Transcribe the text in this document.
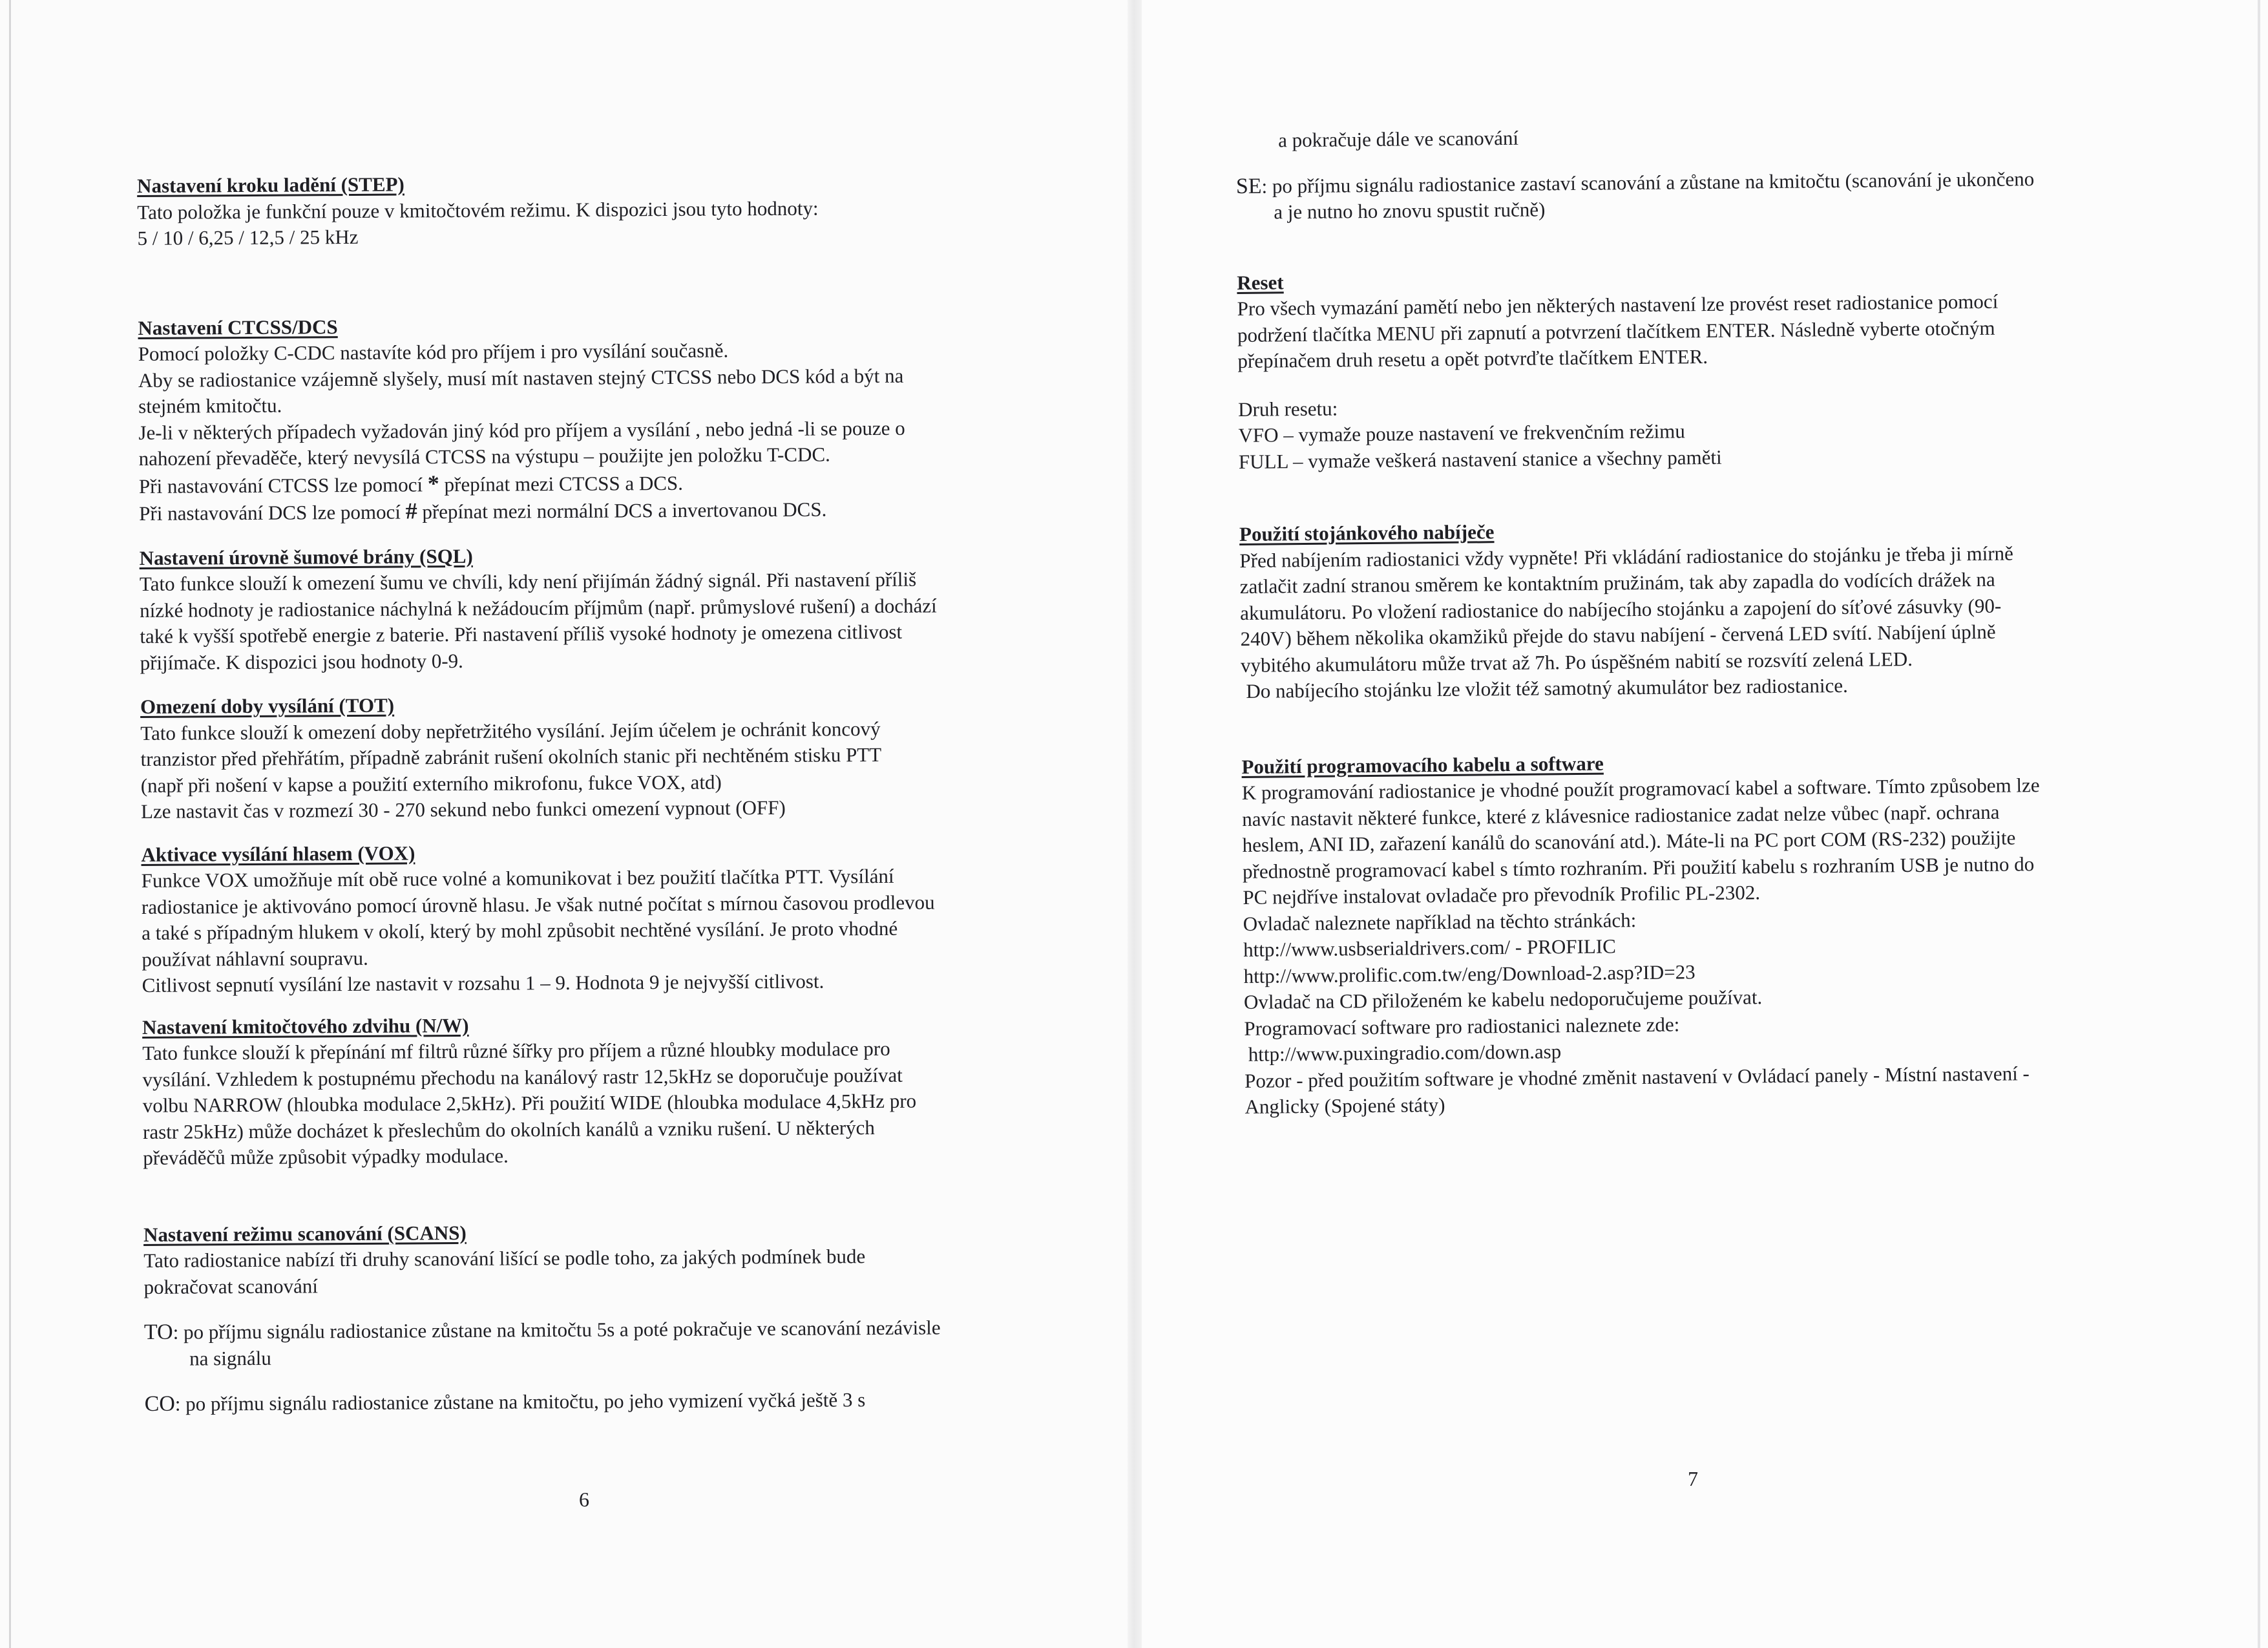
Nastavení kroku ladění (STEP)
Tato položka je funkční pouze v kmitočtovém režimu. K dispozici jsou tyto hodnoty:
5 / 10 / 6,25 / 12,5 / 25 kHz
Nastavení CTCSS/DCS
Pomocí položky C-CDC nastavíte kód pro příjem i pro vysílání současně.
Aby se radiostanice vzájemně slyšely, musí mít nastaven stejný CTCSS nebo DCS kód a být na
stejném kmitočtu.
Je-li v některých případech vyžadován jiný kód pro příjem a vysílání , nebo jedná -li se pouze o
nahození převaděče, který nevysílá CTCSS na výstupu – použijte jen položku T-CDC.
Při nastavování CTCSS lze pomocí * přepínat mezi CTCSS a DCS.
Při nastavování DCS lze pomocí # přepínat mezi normální DCS a invertovanou DCS.
Nastavení úrovně šumové brány (SQL)
Tato funkce slouží k omezení šumu ve chvíli, kdy není přijímán žádný signál. Při nastavení příliš
nízké hodnoty je radiostanice náchylná k nežádoucím příjmům (např. průmyslové rušení) a dochází
také k vyšší spotřebě energie z baterie. Při nastavení příliš vysoké hodnoty je omezena citlivost
přijímače. K dispozici jsou hodnoty 0-9.
Omezení doby vysílání (TOT)
Tato funkce slouží k omezení doby nepřetržitého vysílání. Jejím účelem je ochránit koncový
tranzistor před přehřátím, případně zabránit rušení okolních stanic při nechtěném stisku PTT
(např při nošení v kapse a použití externího mikrofonu, fukce VOX, atd)
Lze nastavit čas v rozmezí 30 - 270 sekund nebo funkci omezení vypnout (OFF)
Aktivace vysílání hlasem (VOX)
Funkce VOX umožňuje mít obě ruce volné a komunikovat i bez použití tlačítka PTT. Vysílání
radiostanice je aktivováno pomocí úrovně hlasu. Je však nutné počítat s mírnou časovou prodlevou
a také s případným hlukem v okolí, který by mohl způsobit nechtěné vysílání. Je proto vhodné
používat náhlavní soupravu.
Citlivost sepnutí vysílání lze nastavit v rozsahu 1 – 9. Hodnota 9 je nejvyšší citlivost.
Nastavení kmitočtového zdvihu (N/W)
Tato funkce slouží k přepínání mf filtrů různé šířky pro příjem a různé hloubky modulace pro
vysílání. Vzhledem k postupnému přechodu na kanálový rastr 12,5kHz se doporučuje používat
volbu NARROW (hloubka modulace 2,5kHz). Při použití WIDE (hloubka modulace 4,5kHz pro
rastr 25kHz) může docházet k přeslechům do okolních kanálů a vzniku rušení. U některých
převáděčů může způsobit výpadky modulace.
Nastavení režimu scanování (SCANS)
Tato radiostanice nabízí tři druhy scanování lišící se podle toho, za jakých podmínek bude
pokračovat scanování
TO: po příjmu signálu radiostanice zůstane na kmitočtu 5s a poté pokračuje ve scanování nezávisle
na signálu
CO: po příjmu signálu radiostanice zůstane na kmitočtu, po jeho vymizení vyčká ještě 3 s
6
a pokračuje dále ve scanování
SE: po příjmu signálu radiostanice zastaví scanování a zůstane na kmitočtu (scanování je ukončeno
a je nutno ho znovu spustit ručně)
Reset
Pro všech vymazání pamětí nebo jen některých nastavení lze provést reset radiostanice pomocí
podržení tlačítka MENU při zapnutí a potvrzení tlačítkem ENTER. Následně vyberte otočným
přepínačem druh resetu a opět potvrďte tlačítkem ENTER.
Druh resetu:
VFO – vymaže pouze nastavení ve frekvenčním režimu
FULL – vymaže veškerá nastavení stanice a všechny paměti
Použití stojánkového nabíječe
Před nabíjením radiostanici vždy vypněte! Při vkládání radiostanice do stojánku je třeba ji mírně
zatlačit zadní stranou směrem ke kontaktním pružinám, tak aby zapadla do vodících drážek na
akumulátoru. Po vložení radiostanice do nabíjecího stojánku a zapojení do síťové zásuvky (90-
240V) během několika okamžiků přejde do stavu nabíjení - červená LED svítí. Nabíjení úplně
vybitého akumulátoru může trvat až 7h. Po úspěšném nabití se rozsvítí zelená LED.
Do nabíjecího stojánku lze vložit též samotný akumulátor bez radiostanice.
Použití programovacího kabelu a software
K programování radiostanice je vhodné použít programovací kabel a software. Tímto způsobem lze
navíc nastavit některé funkce, které z klávesnice radiostanice zadat nelze vůbec (např. ochrana
heslem, ANI ID, zařazení kanálů do scanování atd.). Máte-li na PC port COM (RS-232) použijte
přednostně programovací kabel s tímto rozhraním. Při použití kabelu s rozhraním USB je nutno do
PC nejdříve instalovat ovladače pro převodník Profilic PL-2302.
Ovladač naleznete například na těchto stránkách:
http://www.usbserialdrivers.com/ - PROFILIC
http://www.prolific.com.tw/eng/Download-2.asp?ID=23
Ovladač na CD přiloženém ke kabelu nedoporučujeme používat.
Programovací software pro radiostanici naleznete zde:
http://www.puxingradio.com/down.asp
Pozor - před použitím software je vhodné změnit nastavení v Ovládací panely - Místní nastavení -
Anglicky (Spojené státy)
7
